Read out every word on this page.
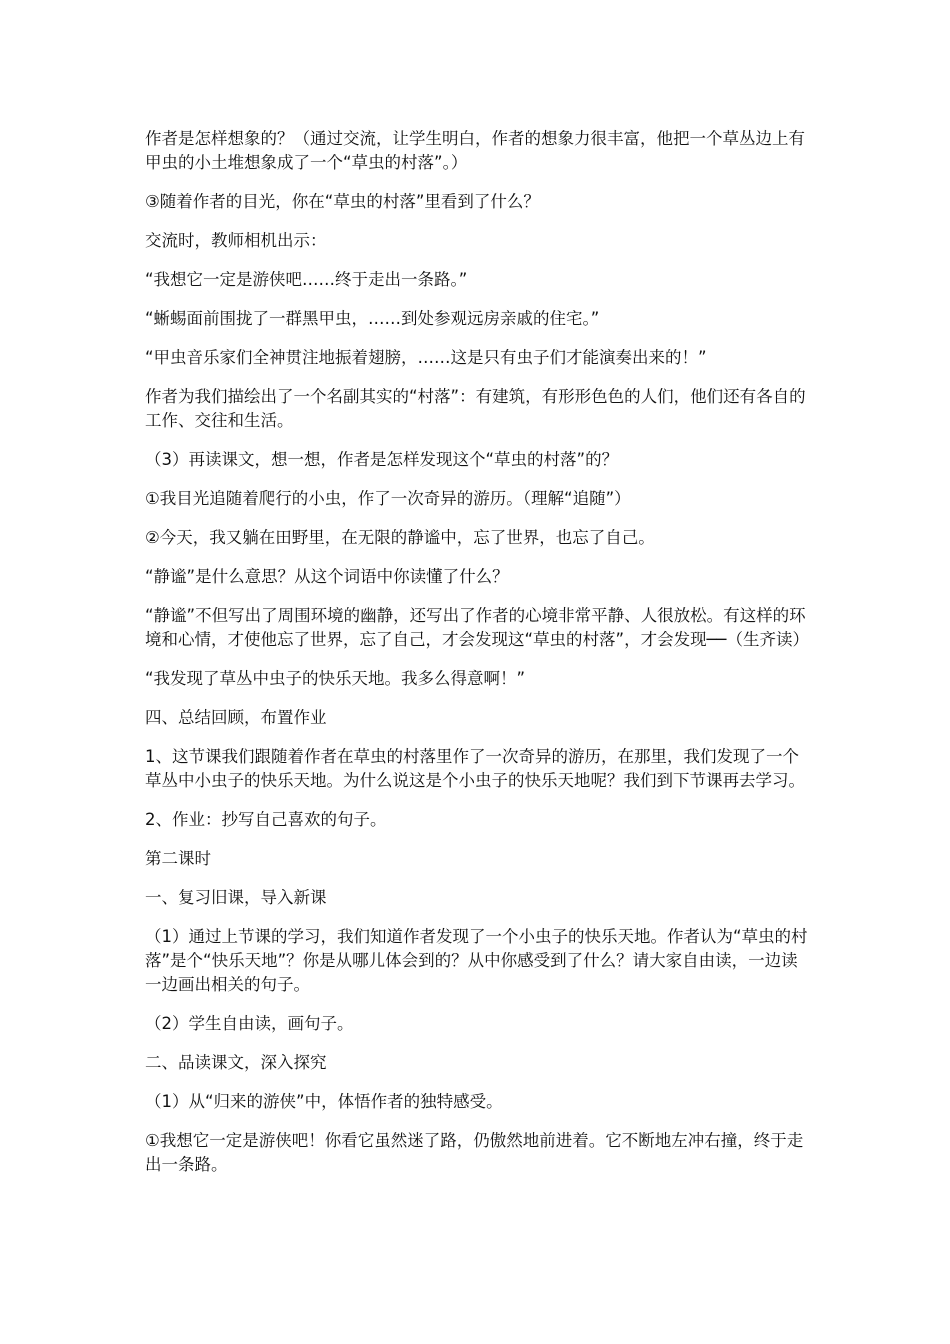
作者是怎样想象的？（通过交流，让学生明白，作者的想象力很丰富，他把一个草丛边上有甲虫的小土堆想象成了一个“草虫的村落”。）

③随着作者的目光，你在“草虫的村落”里看到了什么？

交流时，教师相机出示：

“我想它一定是游侠吧……终于走出一条路。”

“蜥蜴面前围拢了一群黑甲虫，……到处参观远房亲戚的住宅。”

“甲虫音乐家们全神贯注地振着翅膀，……这是只有虫子们才能演奏出来的！”

作者为我们描绘出了一个名副其实的“村落”：有建筑，有形形色色的人们，他们还有各自的工作、交往和生活。

（3）再读课文，想一想，作者是怎样发现这个“草虫的村落”的？

①我目光追随着爬行的小虫，作了一次奇异的游历。（理解“追随”）

②今天，我又躺在田野里，在无限的静谧中，忘了世界，也忘了自己。

“静谧”是什么意思？从这个词语中你读懂了什么？

“静谧”不但写出了周围环境的幽静，还写出了作者的心境非常平静、人很放松。有这样的环境和心情，才使他忘了世界，忘了自己，才会发现这“草虫的村落”，才会发现──（生齐读）

“我发现了草丛中虫子的快乐天地。我多么得意啊！”

四、总结回顾，布置作业

1、这节课我们跟随着作者在草虫的村落里作了一次奇异的游历，在那里，我们发现了一个草丛中小虫子的快乐天地。为什么说这是个小虫子的快乐天地呢？我们到下节课再去学习。

2、作业：抄写自己喜欢的句子。

第二课时

一、复习旧课，导入新课

（1）通过上节课的学习，我们知道作者发现了一个小虫子的快乐天地。作者认为“草虫的村落”是个“快乐天地”？你是从哪儿体会到的？从中你感受到了什么？请大家自由读，一边读一边画出相关的句子。

（2）学生自由读，画句子。

二、品读课文，深入探究

（1）从“归来的游侠”中，体悟作者的独特感受。

①我想它一定是游侠吧！你看它虽然迷了路，仍傲然地前进着。它不断地左冲右撞，终于走出一条路。
